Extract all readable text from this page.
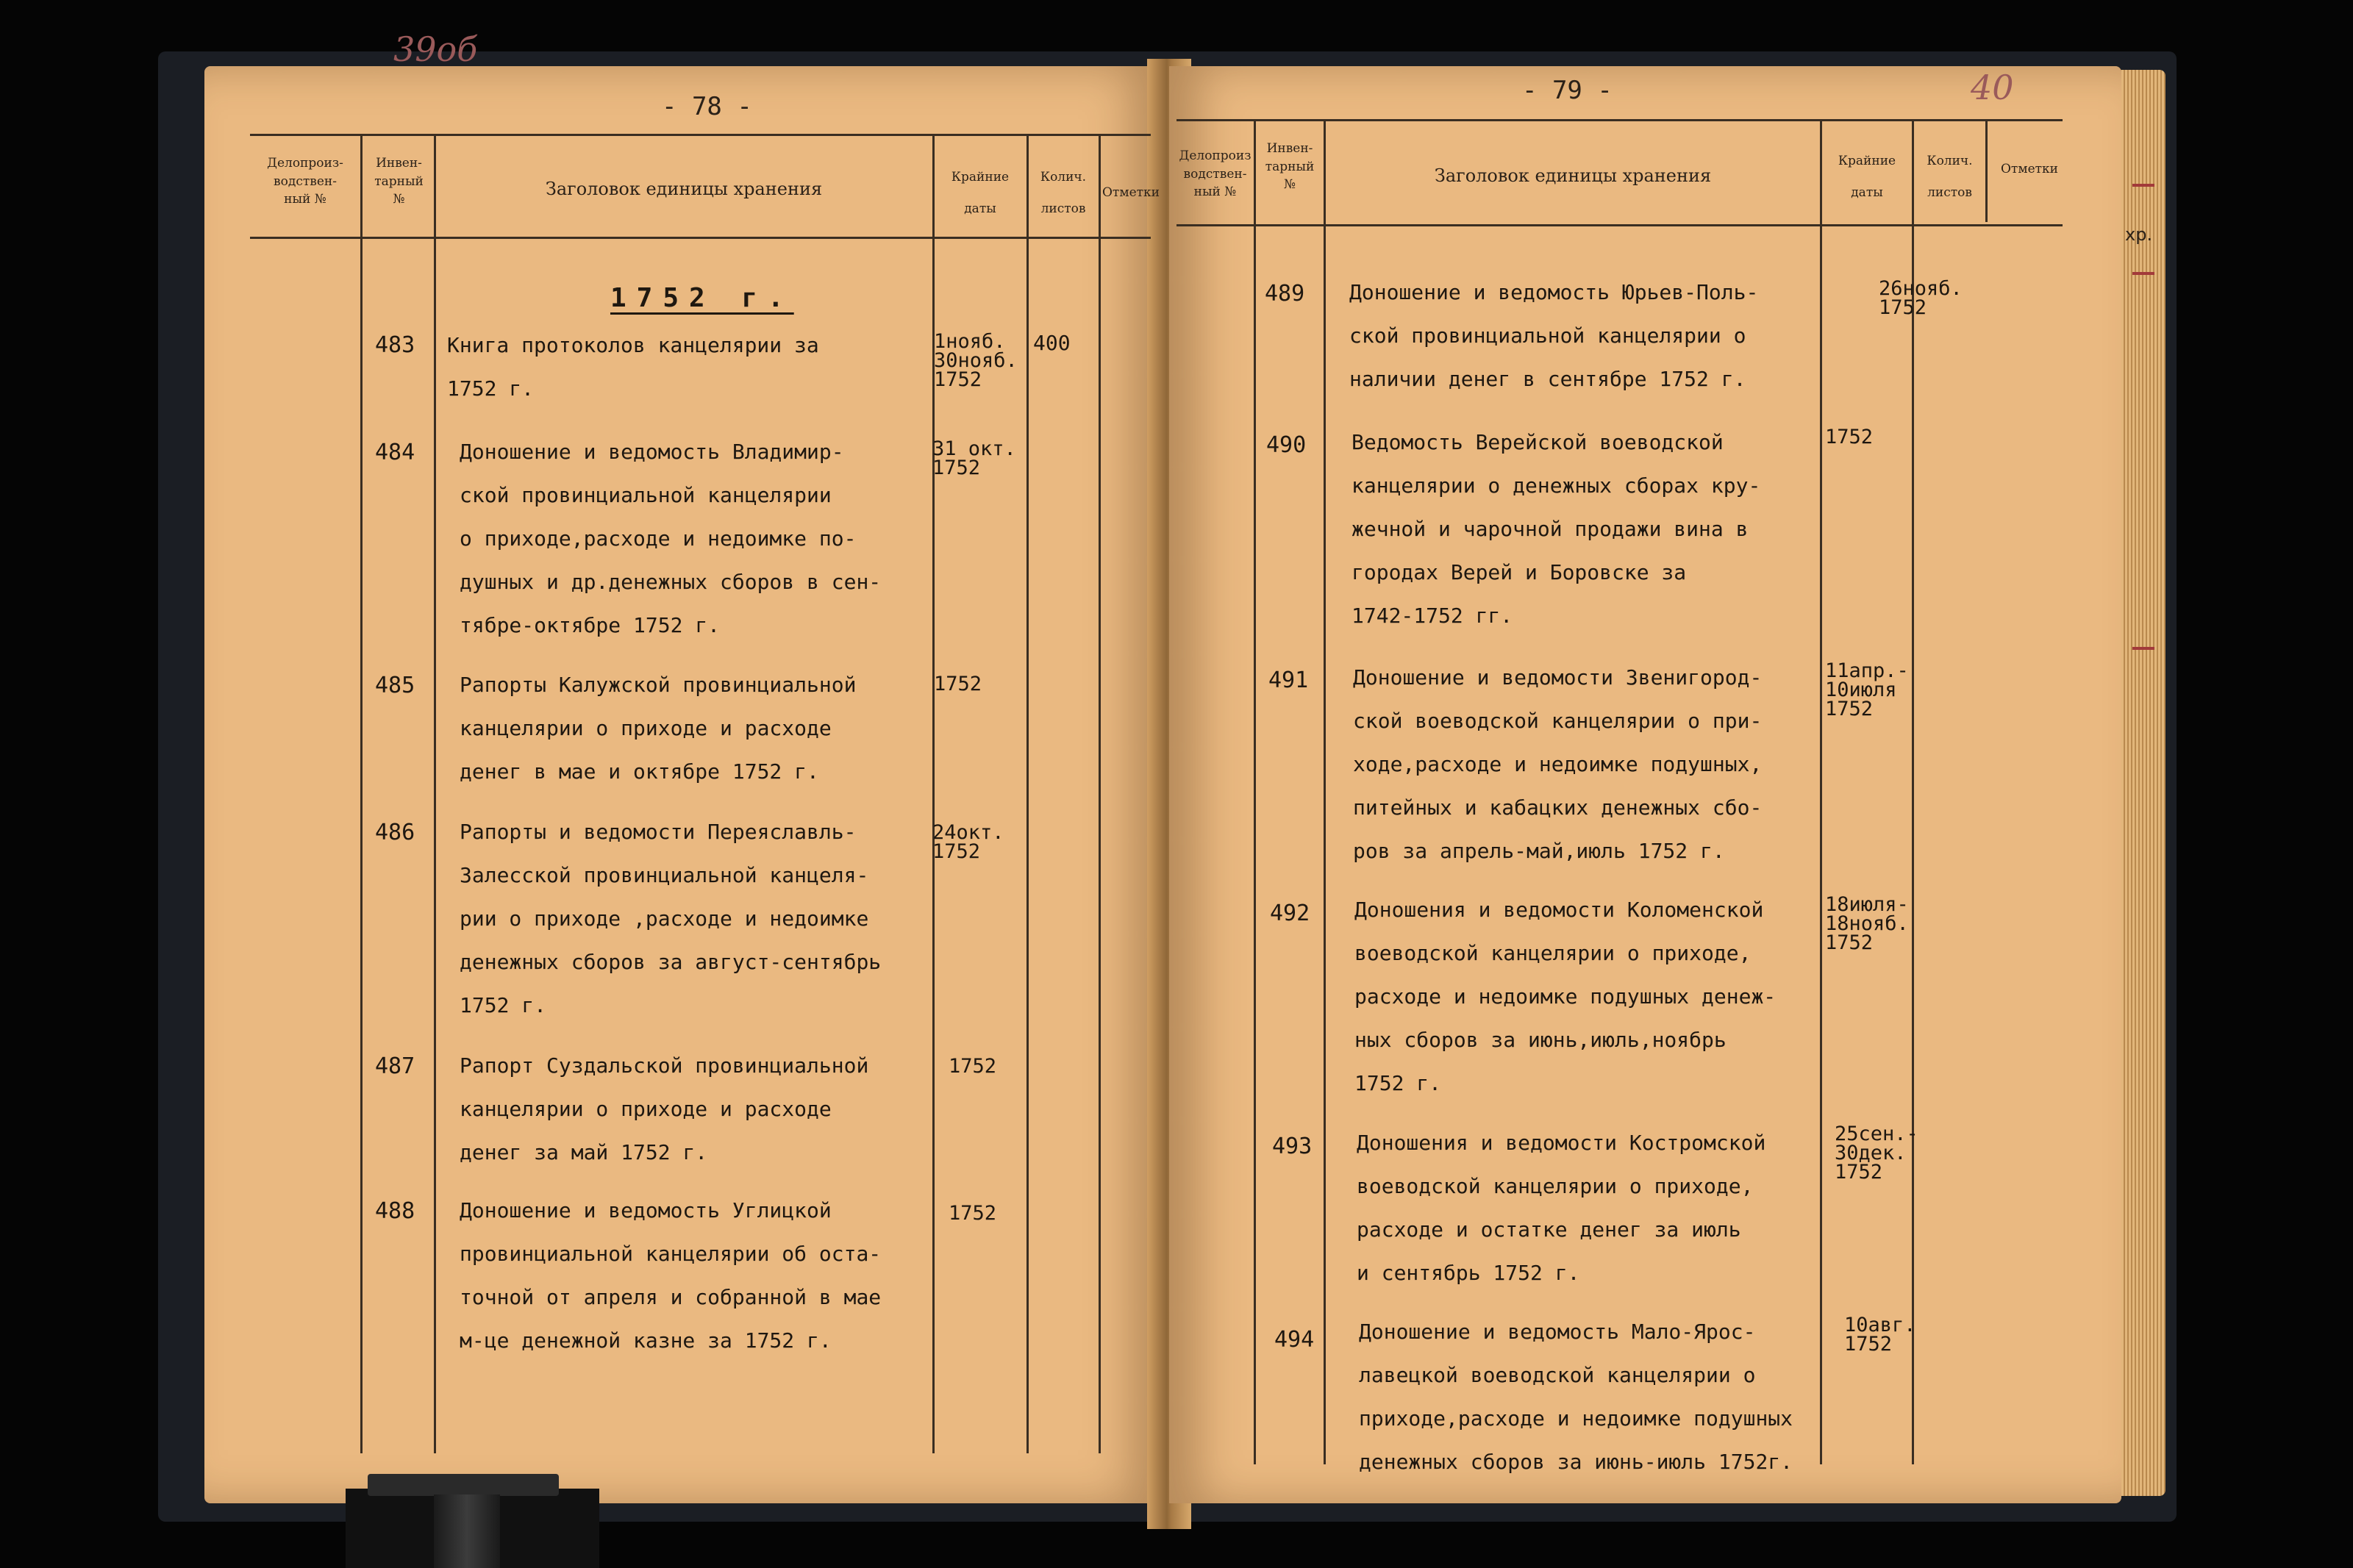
39об
- 78 -
Делопроиз-
водствен-
ный №
Инвен-
тарный
№
Заголовок единицы хранения
Крайние
даты
Колич.
листов
Отметки
1752 г.
483 Книга протоколов канцелярии за
1752 г.
1нояб.
30нояб.
1752
400
484 Доношение и ведомость Владимир-
ской провинциальной канцелярии
о приходе,расходе и недоимке по-
душных и др.денежных сборов в сен-
тябре-октябре 1752 г.
31 окт.
1752
485 Рапорты Калужской провинциальной
канцелярии о приходе и расходе
денег в мае и октябре 1752 г.
1752
486 Рапорты и ведомости Переяславль-
Залесской провинциальной канцеля-
рии о приходе ,расходе и недоимке
денежных сборов за август-сентябрь
1752 г.
24окт.
1752
487 Рапорт Суздальской провинциальной
канцелярии о приходе и расходе
денег за май 1752 г.
1752
488 Доношение и ведомость Углицкой
провинциальной канцелярии об оста-
точной от апреля и собранной в мае
м-це денежной казне за 1752 г.
1752
- 79 -	40
Делопроиз
водствен-
ный №
Инвен-
тарный
№	Заголовок единицы хранения
Крайние
даты
Колич.
листов
Отметки
489 Доношение и ведомость Юрьев-Поль-
ской провинциальной канцелярии о
наличии денег в сентябре 1752 г.
26нояб.
1752
490 Ведомость Верейской воеводской
канцелярии о денежных сборах кру-
жечной и чарочной продажи вина в
городах Верей и Боровске за
1742-1752 гг.
1752
491 Доношение и ведомости Звенигород-
ской воеводской канцелярии о при-
ходе,расходе и недоимке подушных,
питейных и кабацких денежных сбо-
ров за апрель-май,июль 1752 г.
11апр.-
10июля
1752
492 Доношения и ведомости Коломенской
воеводской канцелярии о приходе,
расходе и недоимке подушных денеж-
ных сборов за июнь,июль,ноябрь
1752 г.
18июля-
18нояб.
1752
493 Доношения и ведомости Костромской
воеводской канцелярии о приходе,
расходе и остатке денег за июль
и сентябрь 1752 г.
25сен.-
30дек.
1752
494 Доношение и ведомость Мало-Ярос-
лавецкой воеводской канцелярии о
приходе,расходе и недоимке подушных
денежных сборов за июнь-июль 1752г.
10авг.
1752
хр.
